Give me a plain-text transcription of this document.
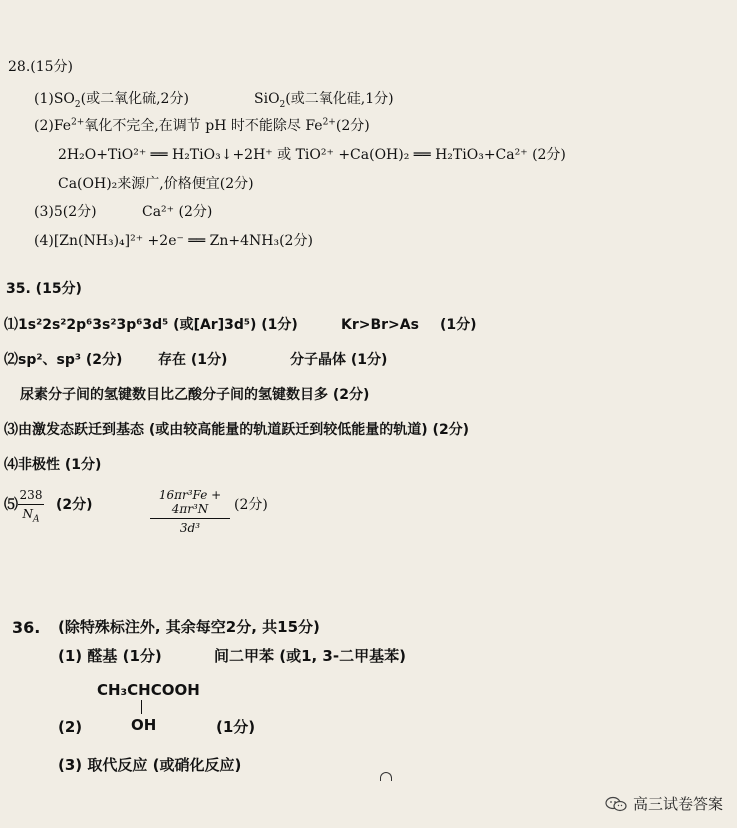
28.(15分)
$(1)SO_2$(或二氧化硫,2分)	SiO$_2$(或二氧化硅,1分)
$(2)Fe^{2+}$氧化不完全,在调节 pH 时不能除尽 $Fe^{2+}(2$分)
2H₂O+TiO²⁺ ══ H₂TiO₃↓+2H⁺ 或 TiO²⁺ +Ca(OH)₂ ══ H₂TiO₃+Ca²⁺ (2分)
Ca(OH)₂来源广,价格便宜(2分)
(3)5(2分)	Ca²⁺ (2分)
(4)[Zn(NH₃)₄]²⁺ +2e⁻ ══ Zn+4NH₃(2分)
35. (15分)
⑴1s²2s²2p⁶3s²3p⁶3d⁵ (或[Ar]3d⁵) (1分)	Kr>Br>As (1分)
⑵sp²、sp³ (2分)	存在 (1分)	分子晶体 (1分)
尿素分子间的氢键数目比乙酸分子间的氢键数目多 (2分)
⑶由激发态跃迁到基态 (或由较高能量的轨道跃迁到较低能量的轨道) (2分)
⑷非极性 (1分)
⑸
238
$N_A$
(2分)
16πr³Fe + 4πr³N
3d³
(2分)
36. (除特殊标注外, 其余每空2分, 共15分)
(1) 醛基 (1分)	间二甲苯 (或1, 3-二甲基苯)
CH₃CHCOOH
(2)	OH	(1分)
(3) 取代反应 (或硝化反应)
高三试卷答案
